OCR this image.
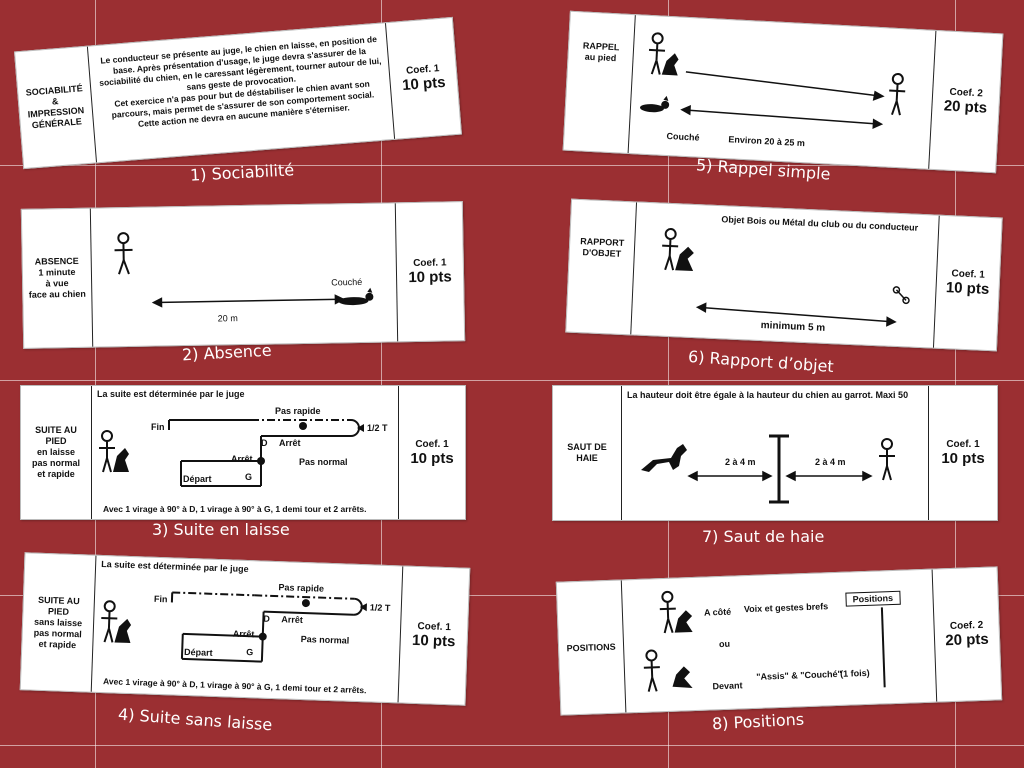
SOCIABILITÉ
&
IMPRESSION
GÉNÉRALE
Le conducteur se présente au juge, le chien en laisse, en position de base. Après présentation d'usage, le juge devra s'assurer de la sociabilité du chien, en le caressant légèrement, tourner autour de lui, sans geste de provocation.
Cet exercice n'a pas pour but de déstabiliser le chien avant son parcours, mais permet de s'assurer de son comportement social.
Cette action ne devra en aucune manière s'éterniser.
Coef. 1
10 pts
1) Sociabilité
ABSENCE
1 minute
à vue
face au chien
Couché
20 m
Coef. 1
10 pts
2) Absence
SUITE AU
PIED
en laisse
pas normal
et rapide
La suite est déterminée par le juge
Fin
Pas rapide
1/2 T
D Arrêt
Arrêt	Pas normal
Départ	G
Avec 1 virage à 90° à D, 1 virage à 90° à G, 1 demi tour et 2 arrêts.
Coef. 1
10 pts
3) Suite en laisse
SUITE AU
PIED
sans laisse
pas normal
et rapide
La suite est déterminée par le juge
Fin
Pas rapide
1/2 T
D Arrêt
Arrêt	Pas normal
Départ	G
Avec 1 virage à 90° à D, 1 virage à 90° à G, 1 demi tour et 2 arrêts.
Coef. 1
10 pts
4) Suite sans laisse
RAPPEL
au pied
Couché	Environ 20 à 25 m
Coef. 2
20 pts
5) Rappel simple
RAPPORT
D'OBJET
Objet Bois ou Métal du club ou du conducteur
minimum 5 m
Coef. 1
10 pts
6) Rapport d’objet
SAUT DE
HAIE
La hauteur doit être égale à la hauteur du chien au garrot. Maxi 50
2 à 4 m	2 à 4 m
Coef. 1
10 pts
7) Saut de haie
POSITIONS
Positions
A côté Voix et gestes brefs
ou
Devant
"Assis" & "Couché"
(1 fois)
Coef. 2
20 pts
8) Positions
